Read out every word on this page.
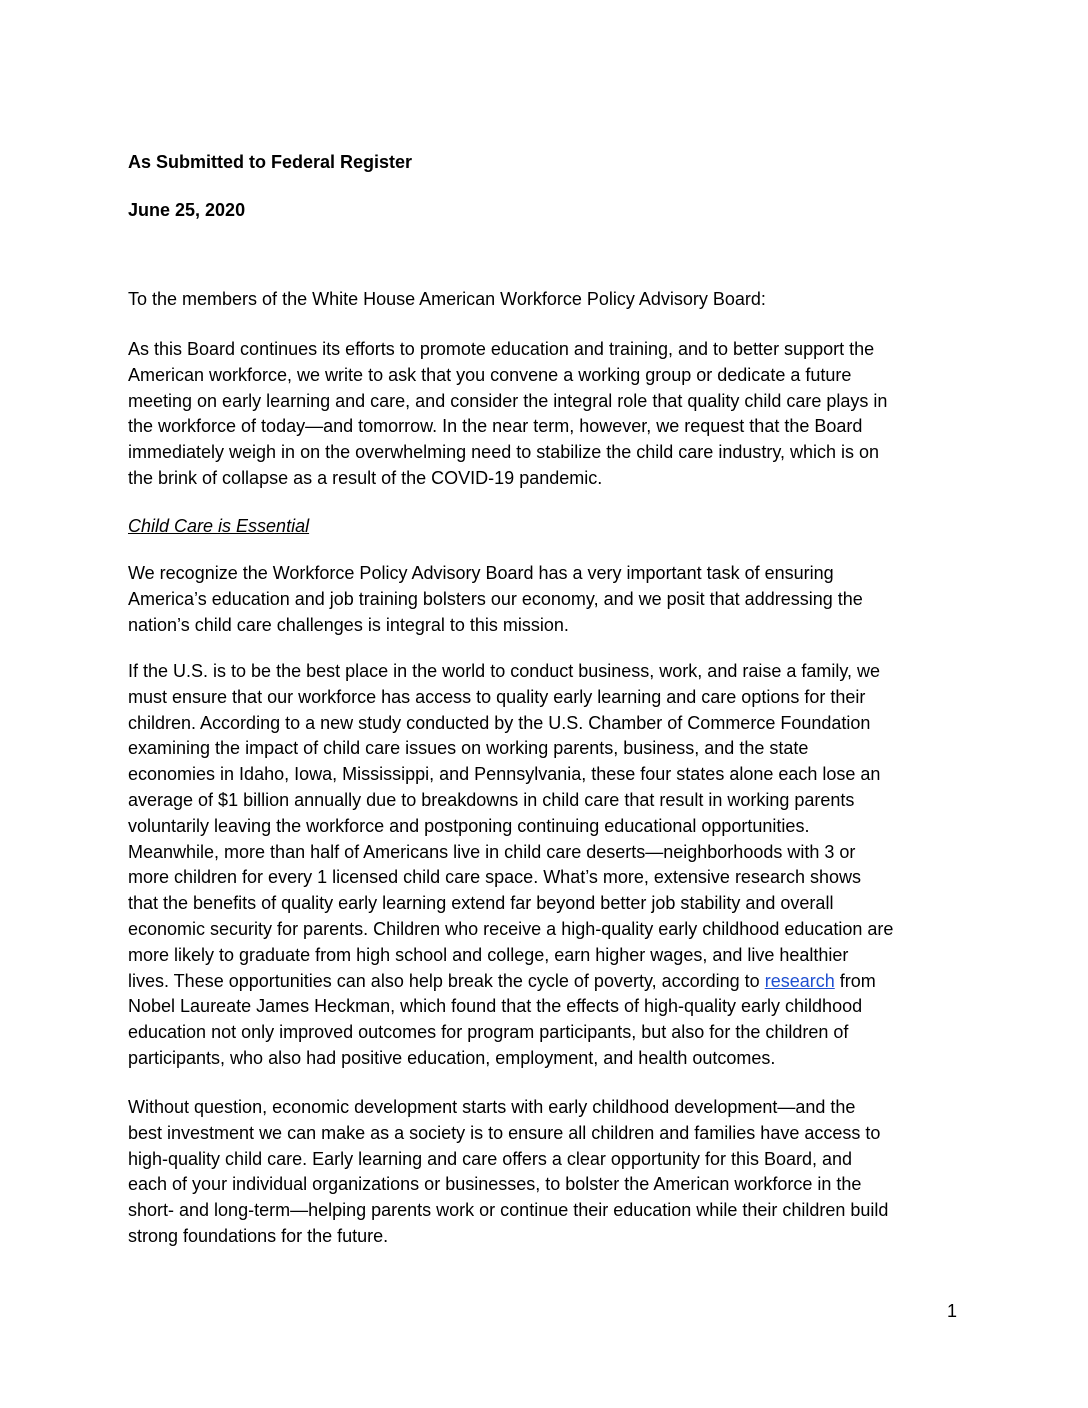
As Submitted to Federal Register

June 25, 2020

To the members of the White House American Workforce Policy Advisory Board:

As this Board continues its efforts to promote education and training, and to better support the
American workforce, we write to ask that you convene a working group or dedicate a future
meeting on early learning and care, and consider the integral role that quality child care plays in
the workforce of today—and tomorrow. In the near term, however, we request that the Board
immediately weigh in on the overwhelming need to stabilize the child care industry, which is on
the brink of collapse as a result of the COVID-19 pandemic.

Child Care is Essential

We recognize the Workforce Policy Advisory Board has a very important task of ensuring
America’s education and job training bolsters our economy, and we posit that addressing the
nation’s child care challenges is integral to this mission.
If the U.S. is to be the best place in the world to conduct business, work, and raise a family, we
must ensure that our workforce has access to quality early learning and care options for their
children. According to a new study conducted by the U.S. Chamber of Commerce Foundation
examining the impact of child care issues on working parents, business, and the state
economies in Idaho, Iowa, Mississippi, and Pennsylvania, these four states alone each lose an
average of $1 billion annually due to breakdowns in child care that result in working parents
voluntarily leaving the workforce and postponing continuing educational opportunities.
Meanwhile, more than half of Americans live in child care deserts—neighborhoods with 3 or
more children for every 1 licensed child care space. What’s more, extensive research shows
that the benefits of quality early learning extend far beyond better job stability and overall
economic security for parents. Children who receive a high-quality early childhood education are
more likely to graduate from high school and college, earn higher wages, and live healthier
lives. These opportunities can also help break the cycle of poverty, according to research from
Nobel Laureate James Heckman, which found that the effects of high-quality early childhood
education not only improved outcomes for program participants, but also for the children of
participants, who also had positive education, employment, and health outcomes.
Without question, economic development starts with early childhood development—and the
best investment we can make as a society is to ensure all children and families have access to
high-quality child care. Early learning and care offers a clear opportunity for this Board, and
each of your individual organizations or businesses, to bolster the American workforce in the
short- and long-term—helping parents work or continue their education while their children build
strong foundations for the future.

1
